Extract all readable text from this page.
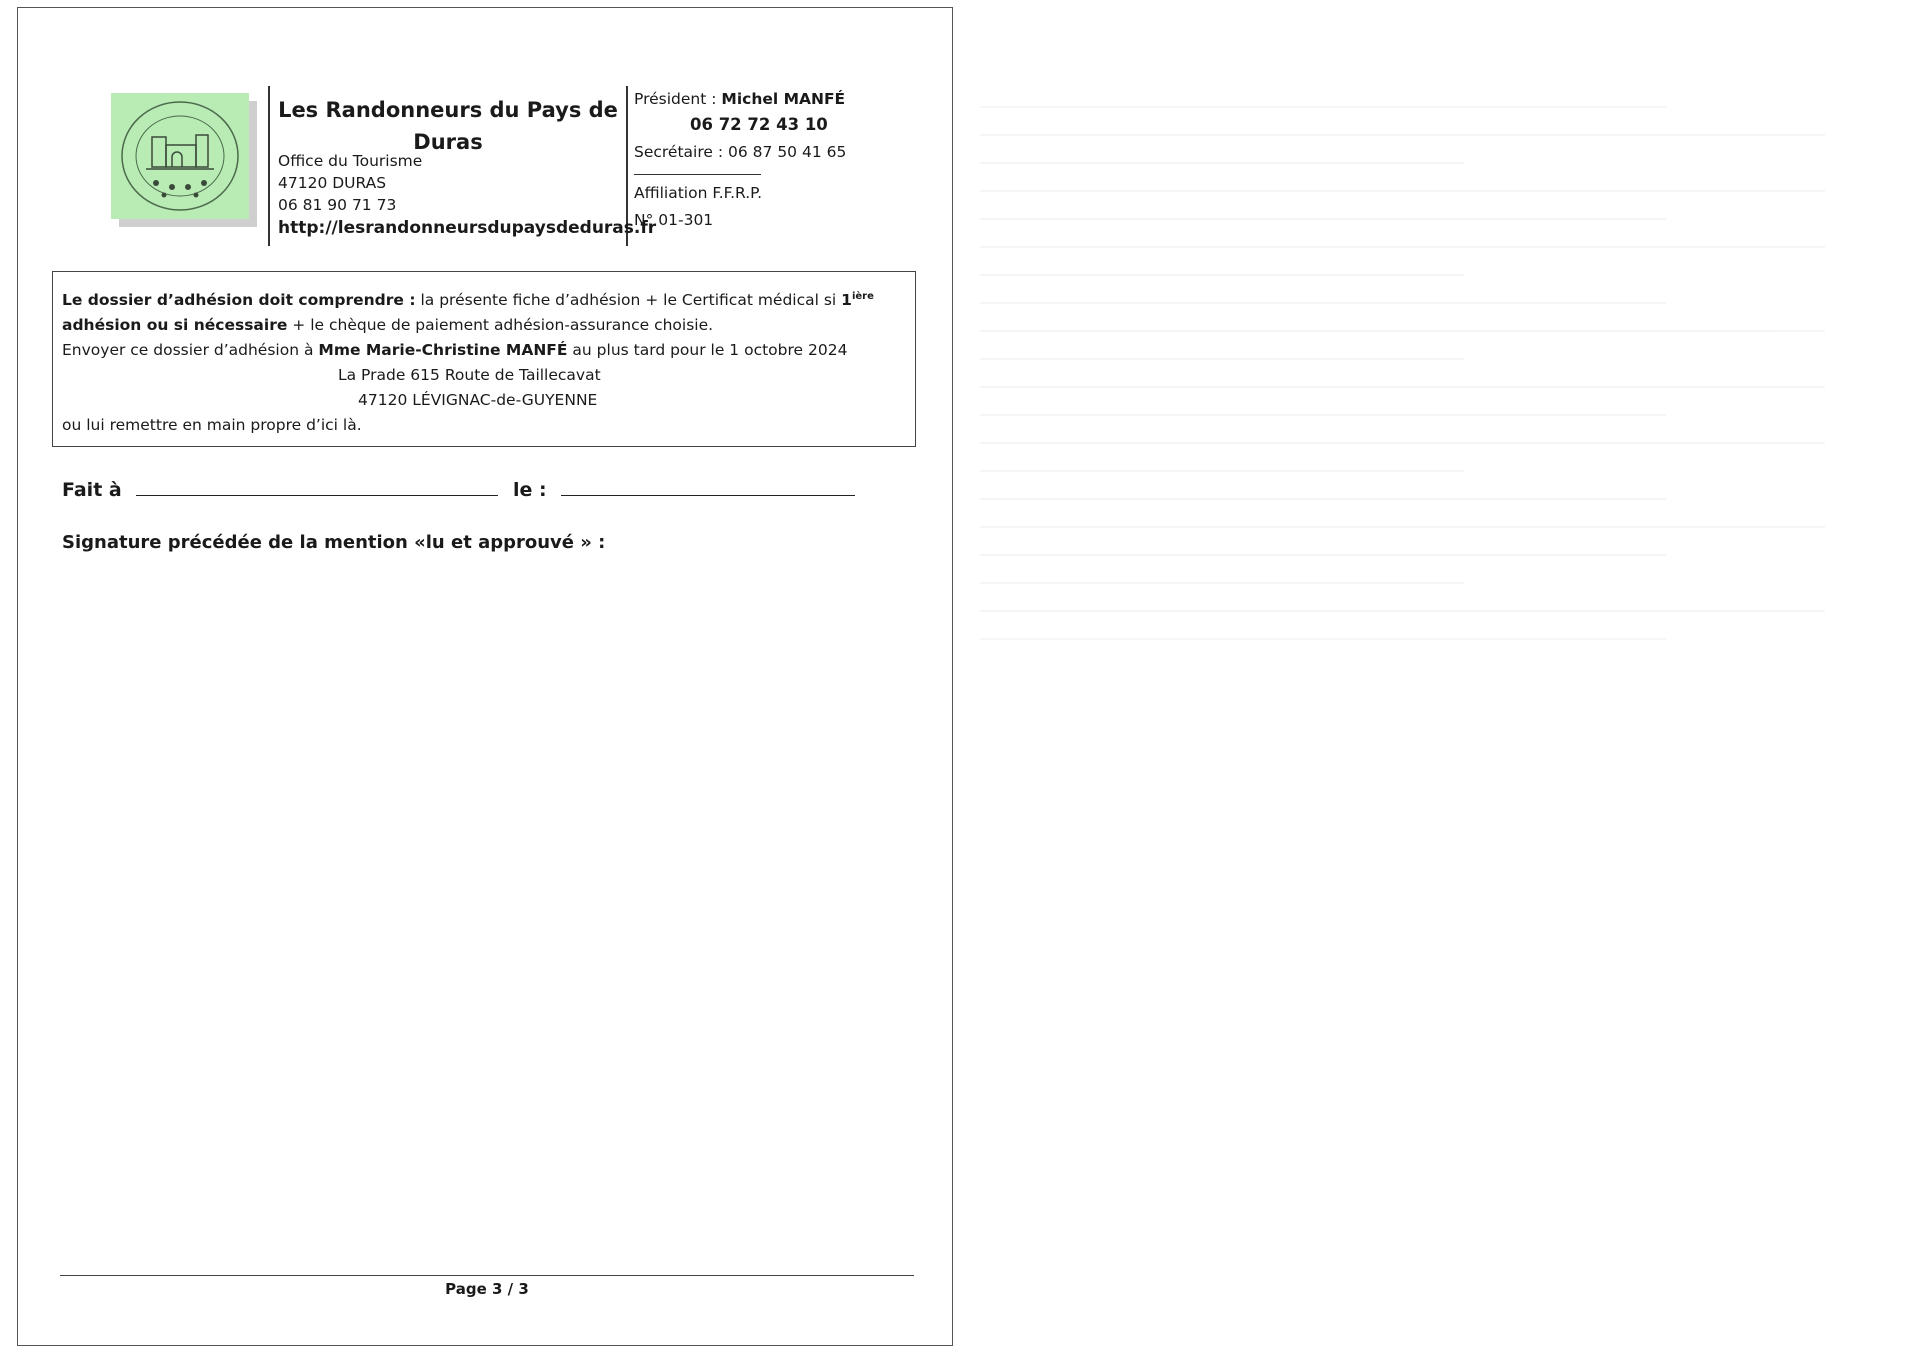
Les Randonneurs du Pays de
Duras
Office du Tourisme
47120 DURAS
06 81 90 71 73
http://lesrandonneursdupaysdeduras.fr
Président : Michel MANFÉ
06 72 72 43 10
Secrétaire : 06 87 50 41 65
Affiliation F.F.R.P.
N° 01-301

Le dossier d’adhésion doit comprendre : la présente fiche d’adhésion + le Certificat médical si $1^{ière}$

adhésion ou si nécessaire + le chèque de paiement adhésion-assurance choisie.

Envoyer ce dossier d’adhésion à Mme Marie-Christine MANFÉ au plus tard pour le 1 octobre 2024

La Prade 615 Route de Taillecavat

47120 LÉVIGNAC-de-GUYENNE

ou lui remettre en main propre d’ici là.

Fait à	le :
Signature précédée de la mention «lu et approuvé » :
Page 3 / 3
